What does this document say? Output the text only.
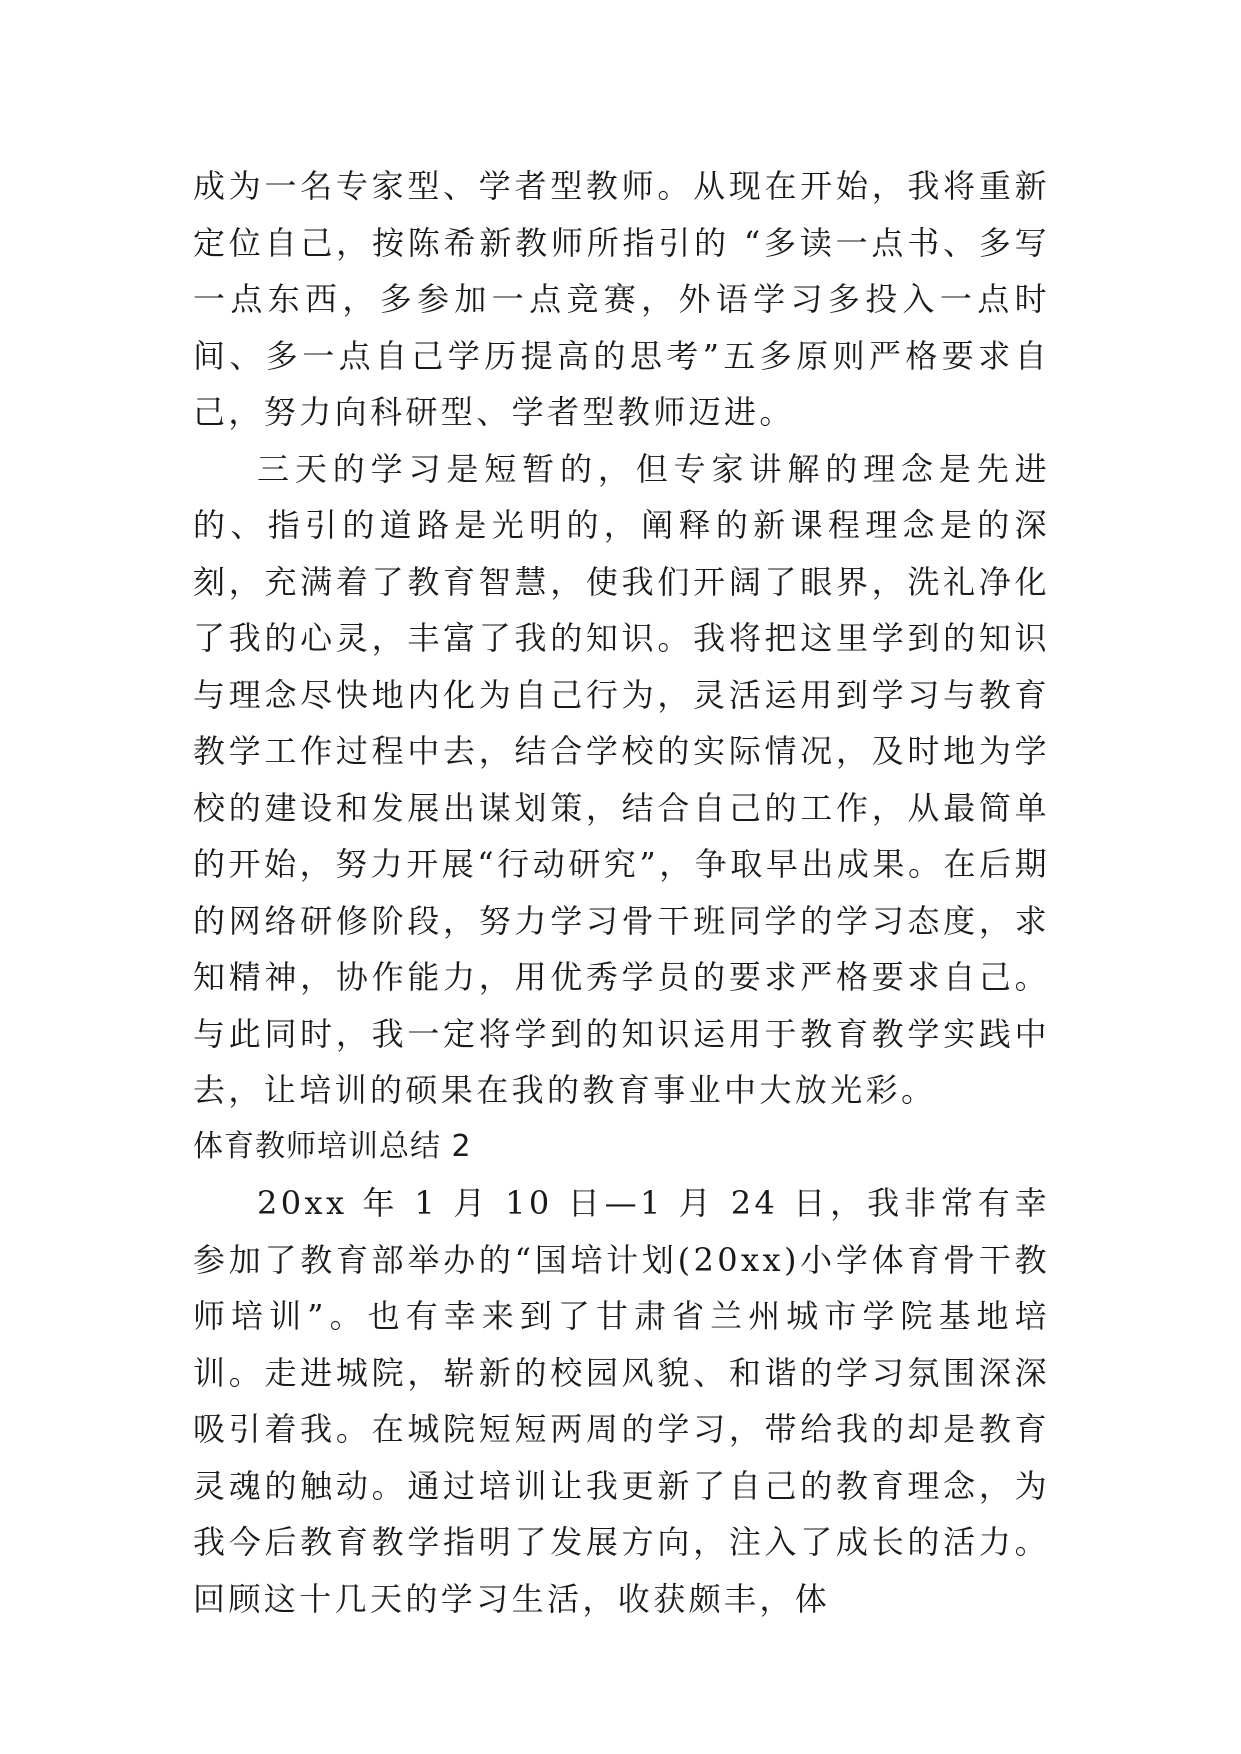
成为一名专家型、学者型教师。从现在开始，我将重新定位自己，按陈希新教师所指引的 “多读一点书、多写一点东西，多参加一点竞赛，外语学习多投入一点时间、多一点自己学历提高的思考”五多原则严格要求自己，努力向科研型、学者型教师迈进。

三天的学习是短暂的，但专家讲解的理念是先进的、指引的道路是光明的，阐释的新课程理念是的深刻，充满着了教育智慧，使我们开阔了眼界，洗礼净化了我的心灵，丰富了我的知识。我将把这里学到的知识与理念尽快地内化为自己行为，灵活运用到学习与教育教学工作过程中去，结合学校的实际情况，及时地为学校的建设和发展出谋划策，结合自己的工作，从最简单的开始，努力开展“行动研究”，争取早出成果。在后期的网络研修阶段，努力学习骨干班同学的学习态度，求知精神，协作能力，用优秀学员的要求严格要求自己。与此同时，我一定将学到的知识运用于教育教学实践中去，让培训的硕果在我的教育事业中大放光彩。

体育教师培训总结 2

20xx 年 1 月 10 日—1 月 24 日，我非常有幸参加了教育部举办的“国培计划(20xx)小学体育骨干教师培训”。也有幸来到了甘肃省兰州城市学院基地培训。走进城院，崭新的校园风貌、和谐的学习氛围深深吸引着我。在城院短短两周的学习，带给我的却是教育灵魂的触动。通过培训让我更新了自己的教育理念，为我今后教育教学指明了发展方向，注入了成长的活力。回顾这十几天的学习生活，收获颇丰，体
